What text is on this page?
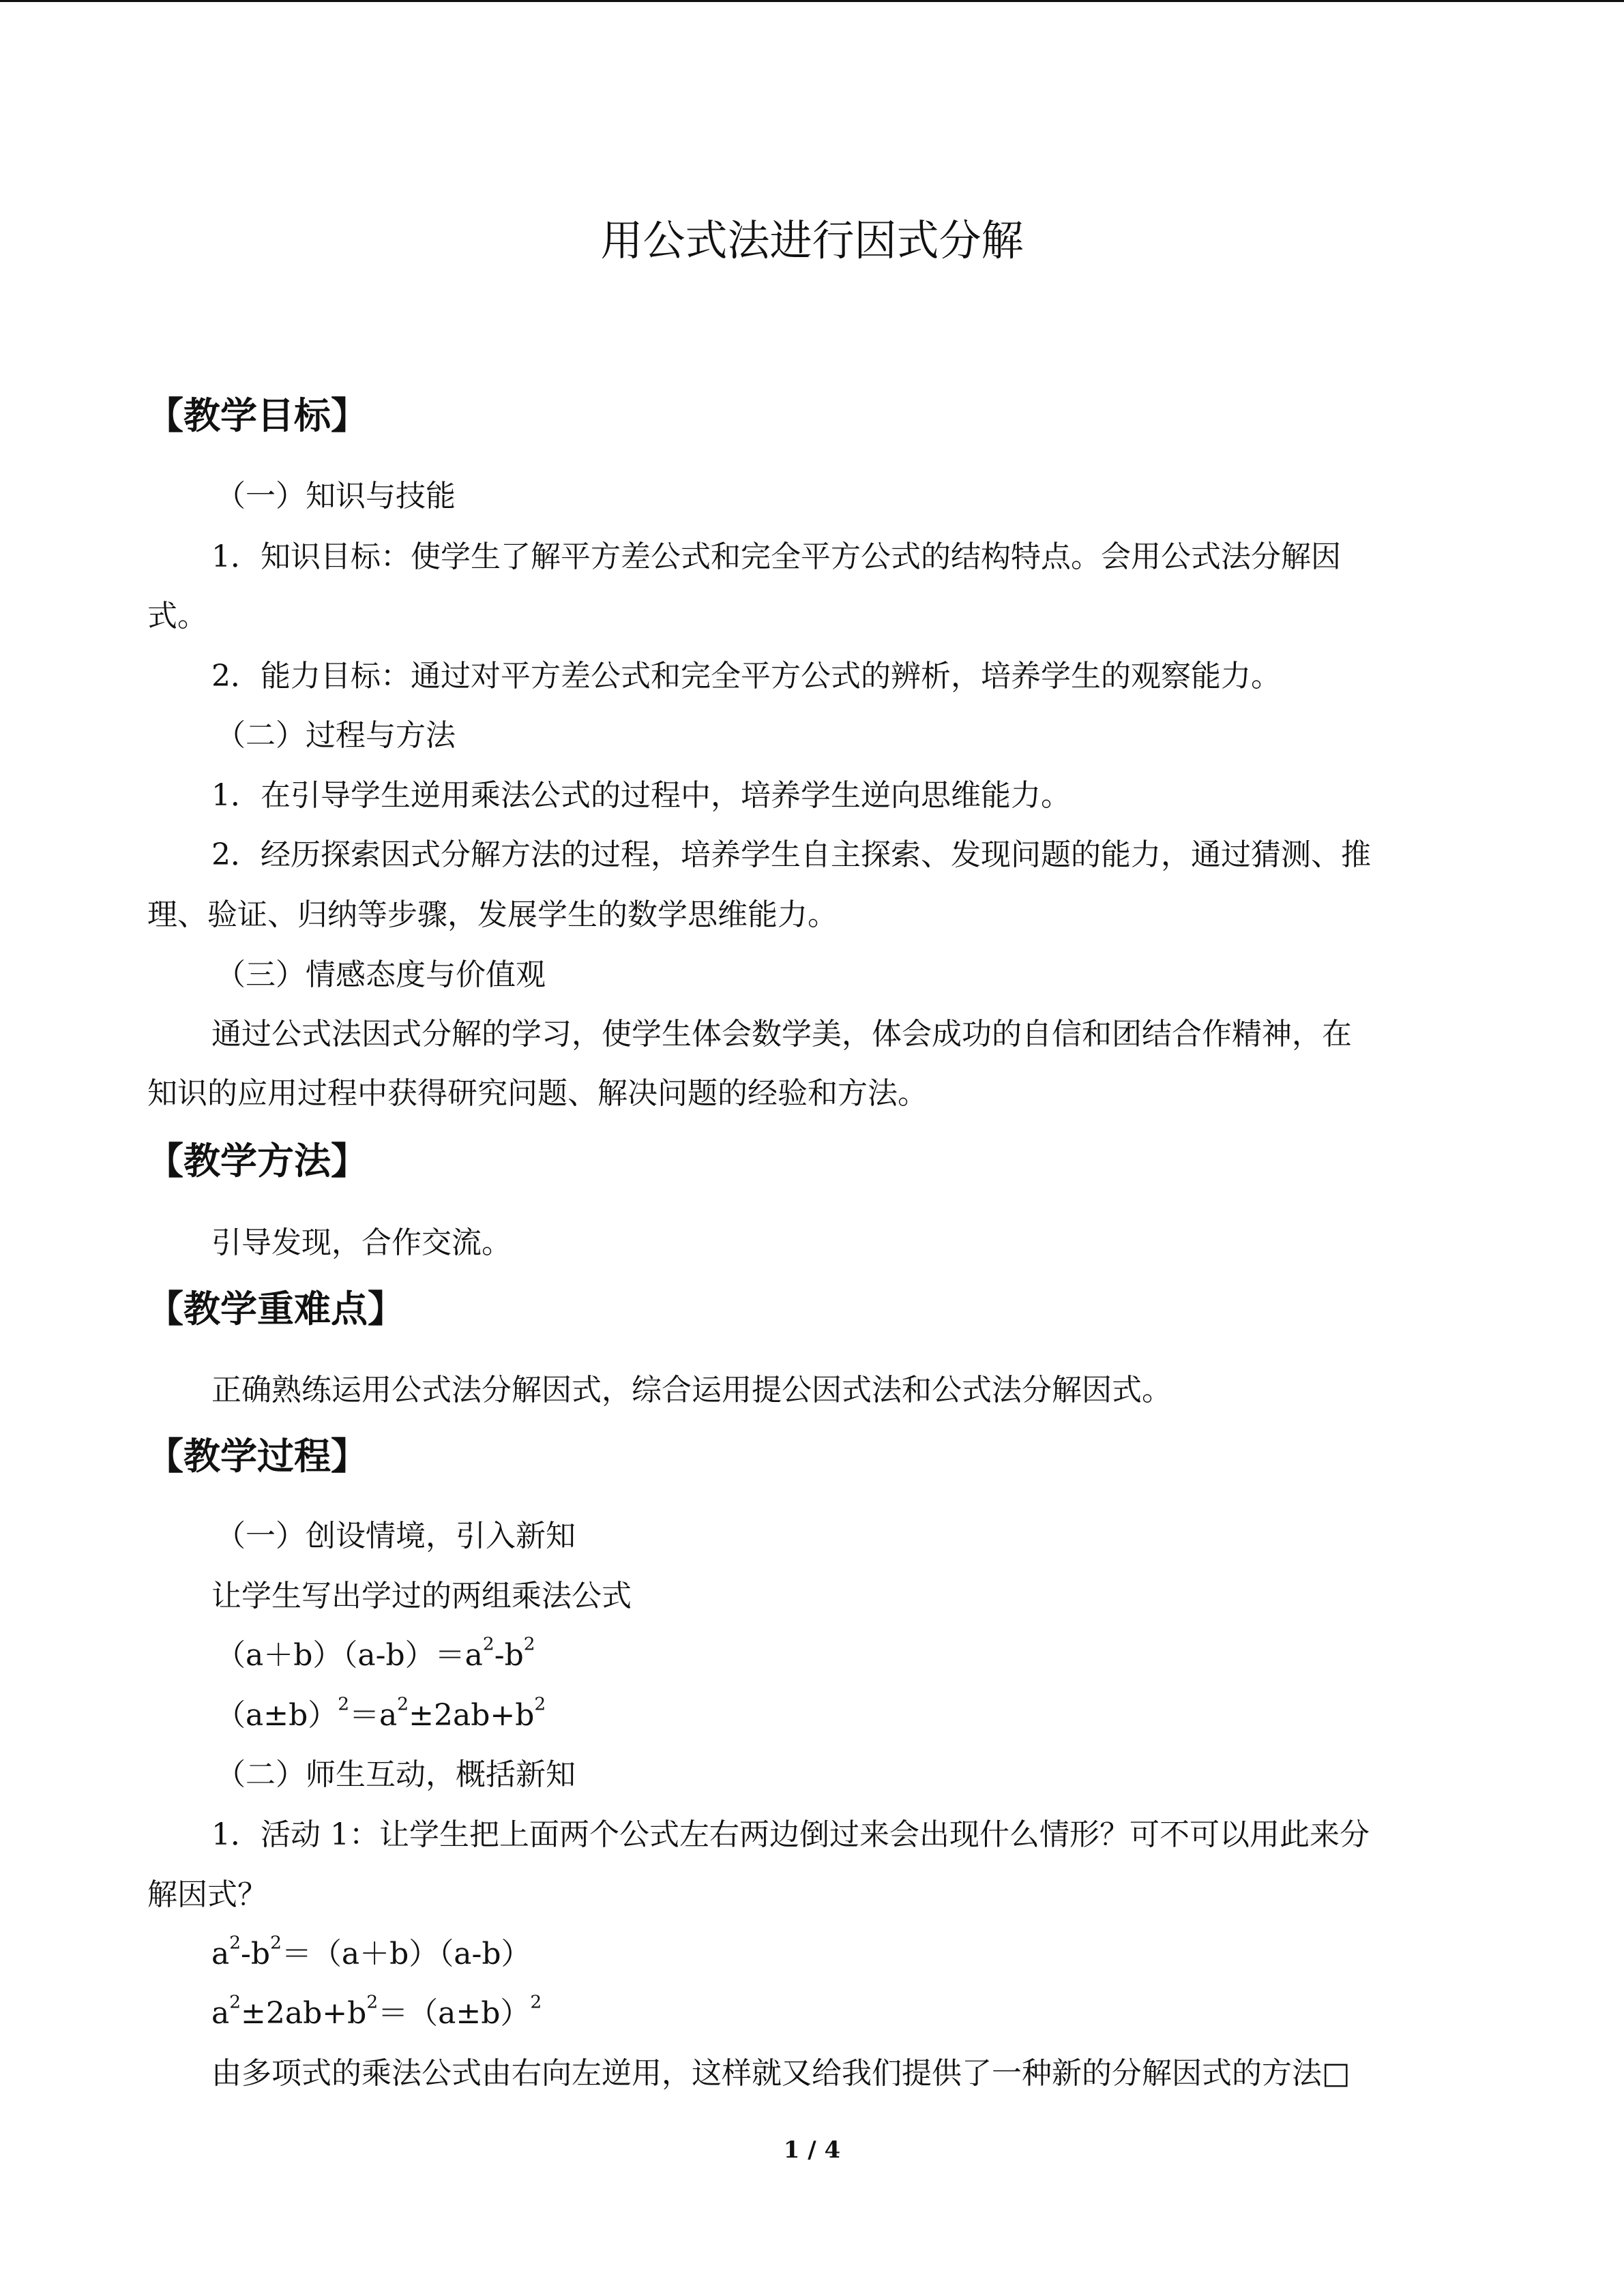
用公式法进行因式分解
【教学目标】
（一）知识与技能
1．知识目标：使学生了解平方差公式和完全平方公式的结构特点。会用公式法分解因
式。
2．能力目标：通过对平方差公式和完全平方公式的辨析，培养学生的观察能力。
（二）过程与方法
1．在引导学生逆用乘法公式的过程中，培养学生逆向思维能力。
2．经历探索因式分解方法的过程，培养学生自主探索、发现问题的能力，通过猜测、推
理、验证、归纳等步骤，发展学生的数学思维能力。
（三）情感态度与价值观
通过公式法因式分解的学习，使学生体会数学美，体会成功的自信和团结合作精神，在
知识的应用过程中获得研究问题、解决问题的经验和方法。
【教学方法】
引导发现，合作交流。
【教学重难点】
正确熟练运用公式法分解因式，综合运用提公因式法和公式法分解因式。
【教学过程】
（一）创设情境，引入新知
让学生写出学过的两组乘法公式
$(a+b)(a-b)=a^2-b^2$
$(a\pm b)^2=a^2\pm 2ab+b^2$
（二）师生互动，概括新知
1．活动 1：让学生把上面两个公式左右两边倒过来会出现什么情形？可不可以用此来分
解因式？
$a^2-b^2=(a+b)(a-b)$
$a^2\pm 2ab+b^2=(a\pm b)^2$
由多项式的乘法公式由右向左逆用，这样就又给我们提供了一种新的分解因式的方法□
1 / 4
